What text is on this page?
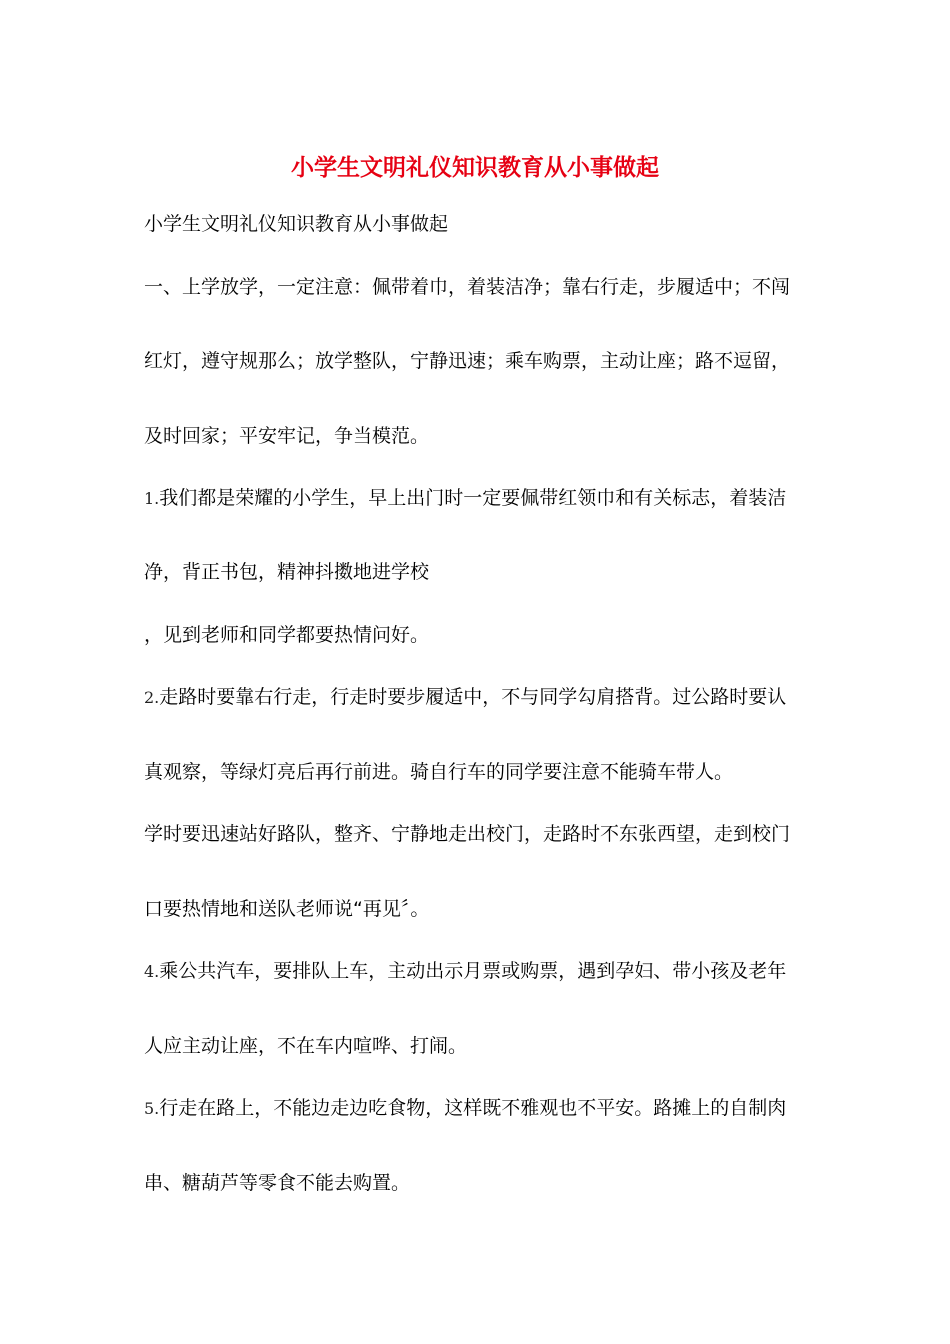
小学生文明礼仪知识教育从小事做起
小学生文明礼仪知识教育从小事做起
一、上学放学，一定注意：佩带着巾，着装洁净；靠右行走，步履适中；不闯
红灯，遵守规那么；放学整队，宁静迅速；乘车购票，主动让座；路不逗留，
及时回家；平安牢记，争当模范。
1.我们都是荣耀的小学生，早上出门时一定要佩带红领巾和有关标志，着装洁
净，背正书包，精神抖擞地进学校
，见到老师和同学都要热情问好。
2.走路时要靠右行走，行走时要步履适中，不与同学勾肩搭背。过公路时要认
真观察，等绿灯亮后再行前进。骑自行车的同学要注意不能骑车带人。
学时要迅速站好路队，整齐、宁静地走出校门，走路时不东张西望，走到校门
口要热情地和送队老师说“再见〞。
4.乘公共汽车，要排队上车，主动出示月票或购票，遇到孕妇、带小孩及老年
人应主动让座，不在车内喧哗、打闹。
5.行走在路上，不能边走边吃食物，这样既不雅观也不平安。路摊上的自制肉
串、糖葫芦等零食不能去购置。
